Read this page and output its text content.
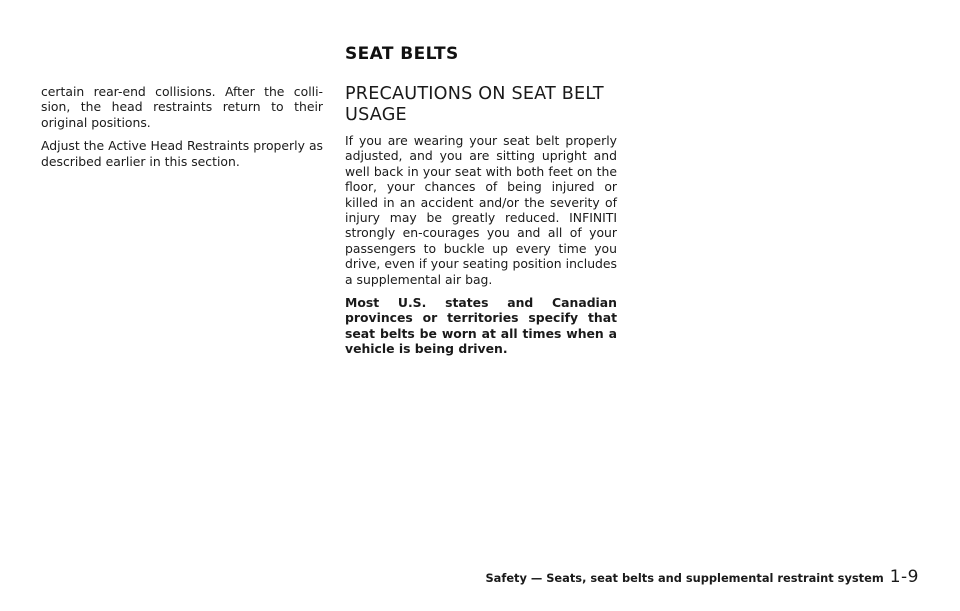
SEAT BELTS

certain rear-end collisions. After the colli-sion, the head restraints return to their original positions.

Adjust the Active Head Restraints properly as described earlier in this section.

PRECAUTIONS ON SEAT BELT USAGE

If you are wearing your seat belt properly adjusted, and you are sitting upright and well back in your seat with both feet on the floor, your chances of being injured or killed in an accident and/or the severity of injury may be greatly reduced. INFINITI strongly en-courages you and all of your passengers to buckle up every time you drive, even if your seating position includes a supplemental air bag.

Most U.S. states and Canadian provinces or territories specify that seat belts be worn at all times when a vehicle is being driven.

Safety — Seats, seat belts and supplemental restraint system 1-9
